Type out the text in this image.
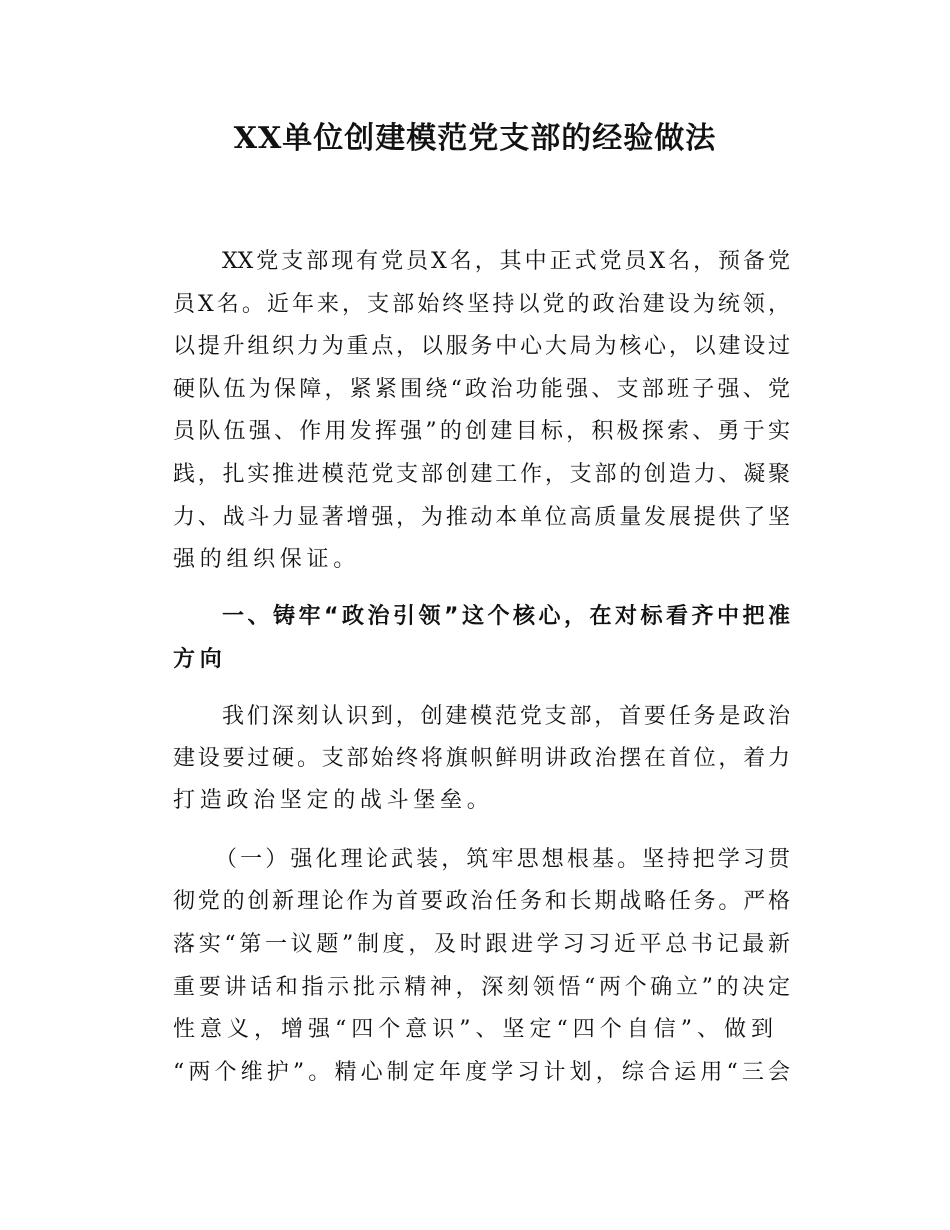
XX单位创建模范党支部的经验做法
XX党支部现有党员X名，其中正式党员X名，预备党
员X名。近年来，支部始终坚持以党的政治建设为统领，
以提升组织力为重点，以服务中心大局为核心，以建设过
硬队伍为保障，紧紧围绕“政治功能强、支部班子强、党
员队伍强、作用发挥强”的创建目标，积极探索、勇于实
践，扎实推进模范党支部创建工作，支部的创造力、凝聚
力、战斗力显著增强，为推动本单位高质量发展提供了坚
强的组织保证。
一、铸牢“政治引领”这个核心，在对标看齐中把准
方向
我们深刻认识到，创建模范党支部，首要任务是政治
建设要过硬。支部始终将旗帜鲜明讲政治摆在首位，着力
打造政治坚定的战斗堡垒。
（一）强化理论武装，筑牢思想根基。坚持把学习贯
彻党的创新理论作为首要政治任务和长期战略任务。严格
落实“第一议题”制度，及时跟进学习习近平总书记最新
重要讲话和指示批示精神，深刻领悟“两个确立”的决定
性意义，增强“四个意识”、坚定“四个自信”、做到
“两个维护”。精心制定年度学习计划，综合运用“三会
